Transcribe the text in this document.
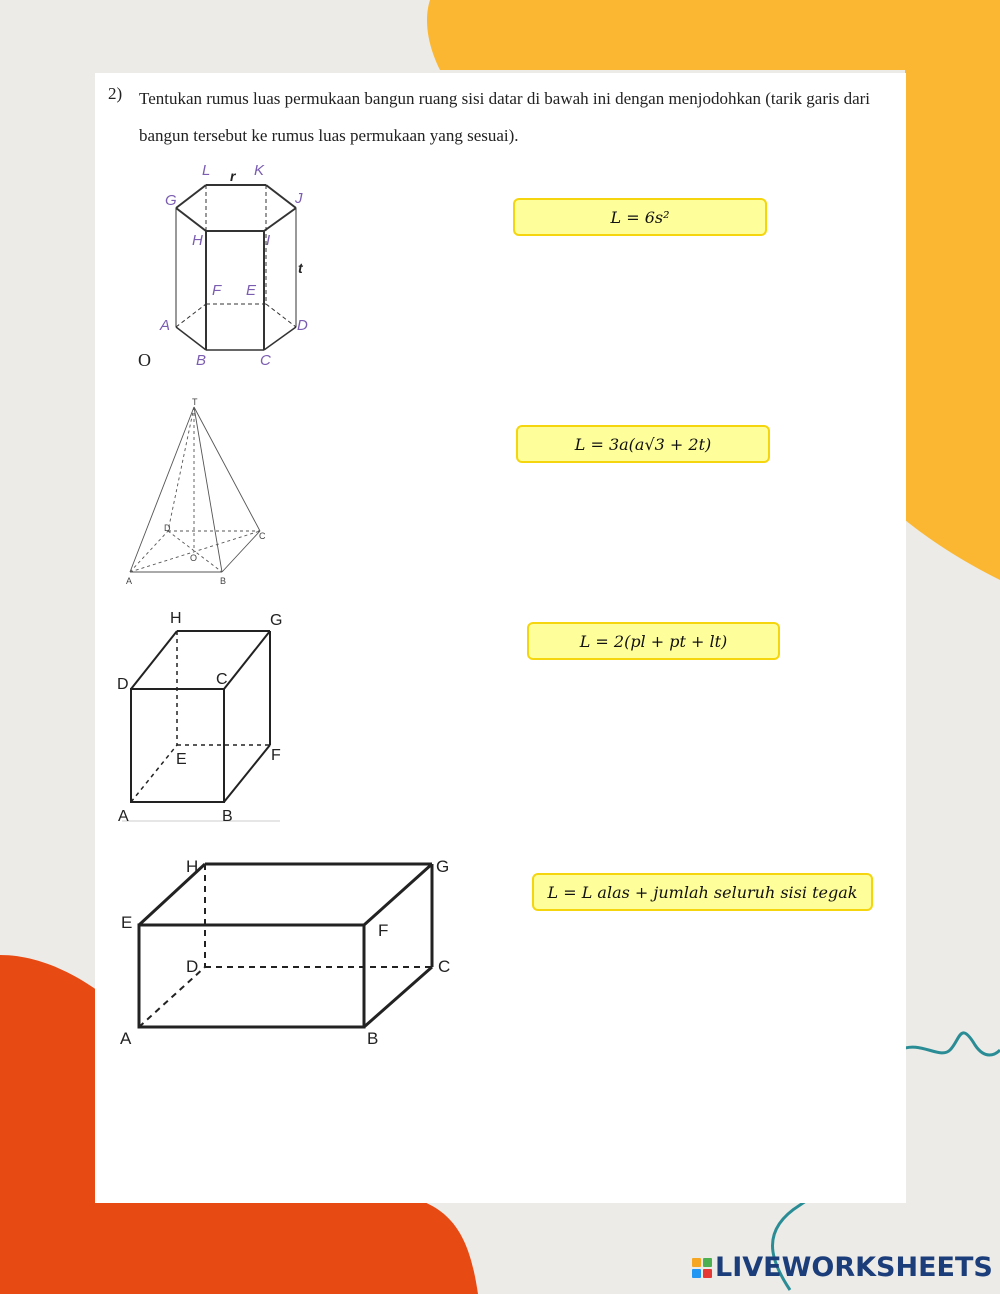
2) Tentukan rumus luas permukaan bangun ruang sisi datar di bawah ini dengan menjodohkan (tarik garis dari bangun tersebut ke rumus luas permukaan yang sesuai).
O
L = 6s²
L = 3a(a√3 + 2t)
L = 2(pl + pt + lt)
L = L alas + jumlah seluruh sisi tegak
L	K
G	J
H	I
F E
A	D
B	C
r
t
T
D
C
O
A	B
H	G
D	C
E	F
A	B
H	G
E	F
D	C
A	B
LIVEWORKSHEETS
